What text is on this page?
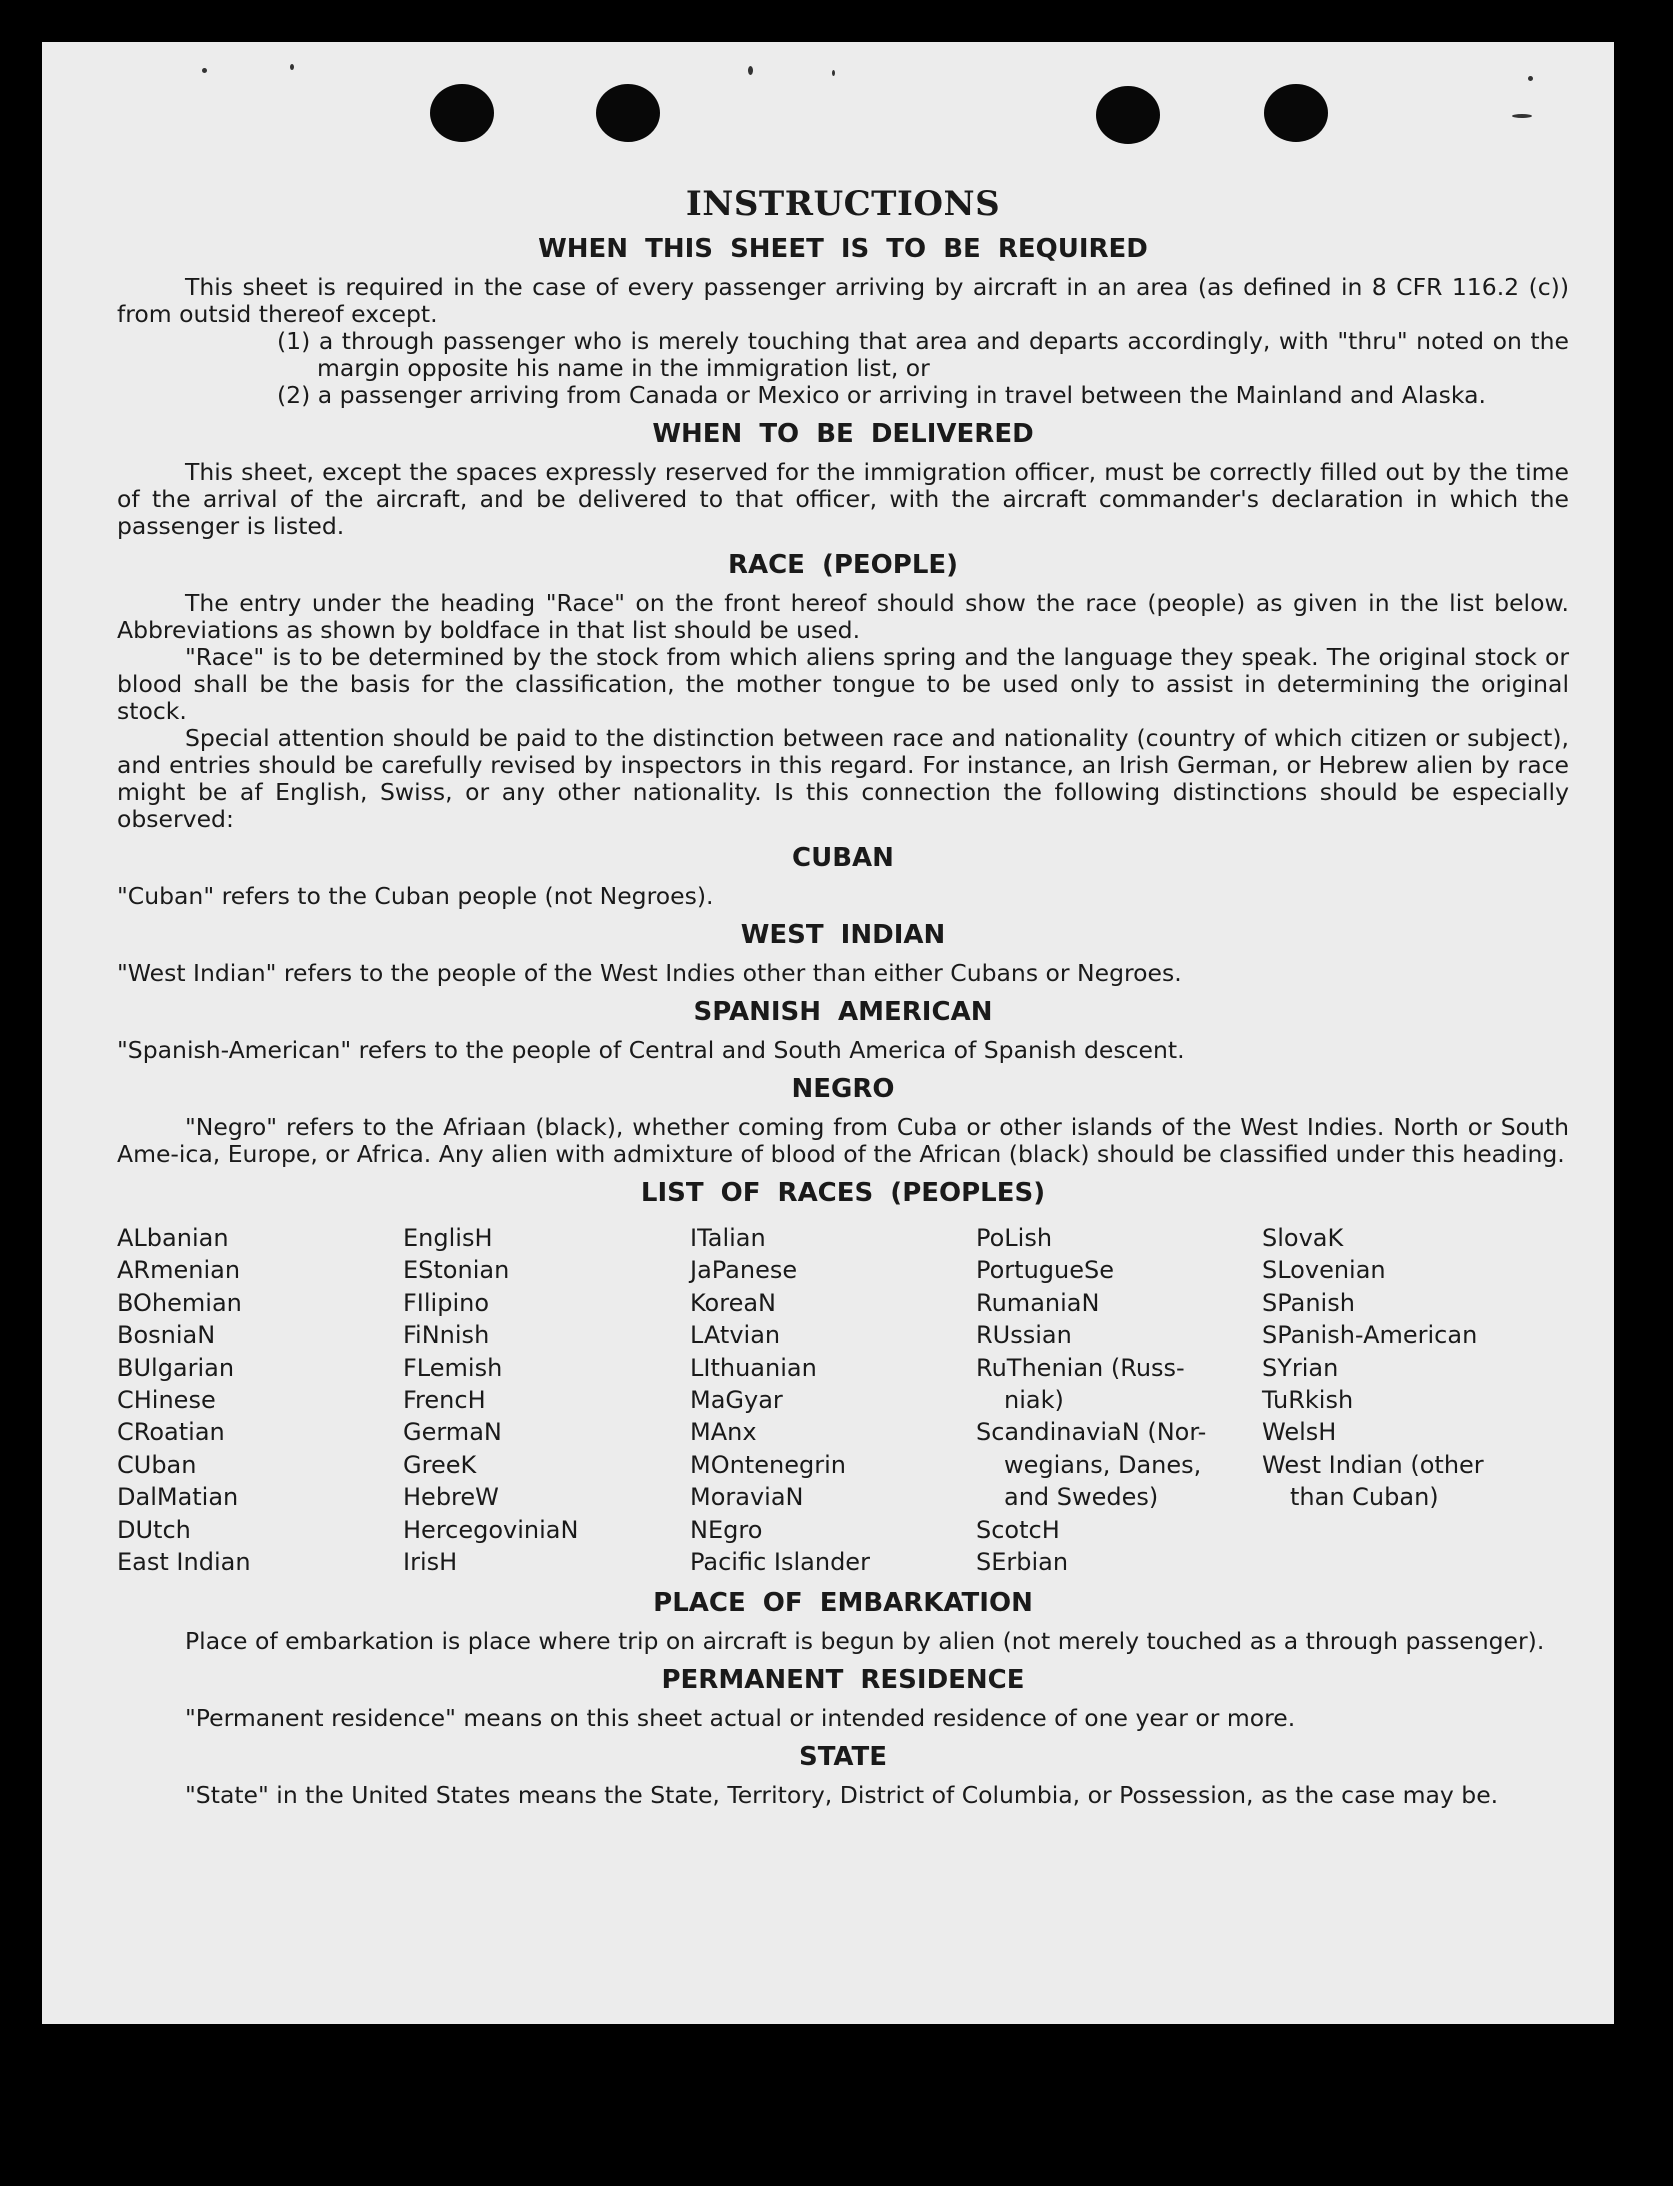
INSTRUCTIONS
WHEN THIS SHEET IS TO BE REQUIRED

This sheet is required in the case of every passenger arriving by aircraft in an area (as defined in 8 CFR 116.2 (c)) from outsid thereof except.

(1) a through passenger who is merely touching that area and departs accordingly, with "thru" noted on the margin opposite his name in the immigration list, or

(2) a passenger arriving from Canada or Mexico or arriving in travel between the Mainland and Alaska.

WHEN TO BE DELIVERED

This sheet, except the spaces expressly reserved for the immigration officer, must be correctly filled out by the time of the arrival of the aircraft, and be delivered to that officer, with the aircraft commander's declaration in which the passenger is listed.

RACE (PEOPLE)

The entry under the heading "Race" on the front hereof should show the race (people) as given in the list below. Abbreviations as shown by boldface in that list should be used.

"Race" is to be determined by the stock from which aliens spring and the language they speak. The original stock or blood shall be the basis for the classification, the mother tongue to be used only to assist in determining the original stock.

Special attention should be paid to the distinction between race and nationality (country of which citizen or subject), and entries should be carefully revised by inspectors in this regard. For instance, an Irish German, or Hebrew alien by race might be af English, Swiss, or any other nationality. Is this connection the following distinctions should be especially observed:

CUBAN

"Cuban" refers to the Cuban people (not Negroes).

WEST INDIAN

"West Indian" refers to the people of the West Indies other than either Cubans or Negroes.

SPANISH AMERICAN

"Spanish-American" refers to the people of Central and South America of Spanish descent.

NEGRO

"Negro" refers to the Afriaan (black), whether coming from Cuba or other islands of the West Indies. North or South Ame-ica, Europe, or Africa. Any alien with admixture of blood of the African (black) should be classified under this heading.

LIST OF RACES (PEOPLES)
ALbanian	EnglisH	ITalian	PoLish	SlovaK
ARmenian	EStonian	JaPanese	PortugueSe	SLovenian
BOhemian	FIlipino	KoreaN	RumaniaN	SPanish
BosniaN	FiNnish	LAtvian	RUssian	SPanish-American
BUlgarian	FLemish	LIthuanian	RuThenian (Russ-	SYrian
CHinese	FrencH	MaGyar	niak)	TuRkish
CRoatian	GermaN	MAnx	ScandinaviaN (Nor-	WelsH
CUban	GreeK	MOntenegrin	wegians, Danes,	West Indian (other
DalMatian	HebreW	MoraviaN	and Swedes)	than Cuban)
DUtch	HercegoviniaN	NEgro	ScotcH
East Indian	IrisH	Pacific Islander	SErbian
PLACE OF EMBARKATION

Place of embarkation is place where trip on aircraft is begun by alien (not merely touched as a through passenger).

PERMANENT RESIDENCE

"Permanent residence" means on this sheet actual or intended residence of one year or more.

STATE

"State" in the United States means the State, Territory, District of Columbia, or Possession, as the case may be.
